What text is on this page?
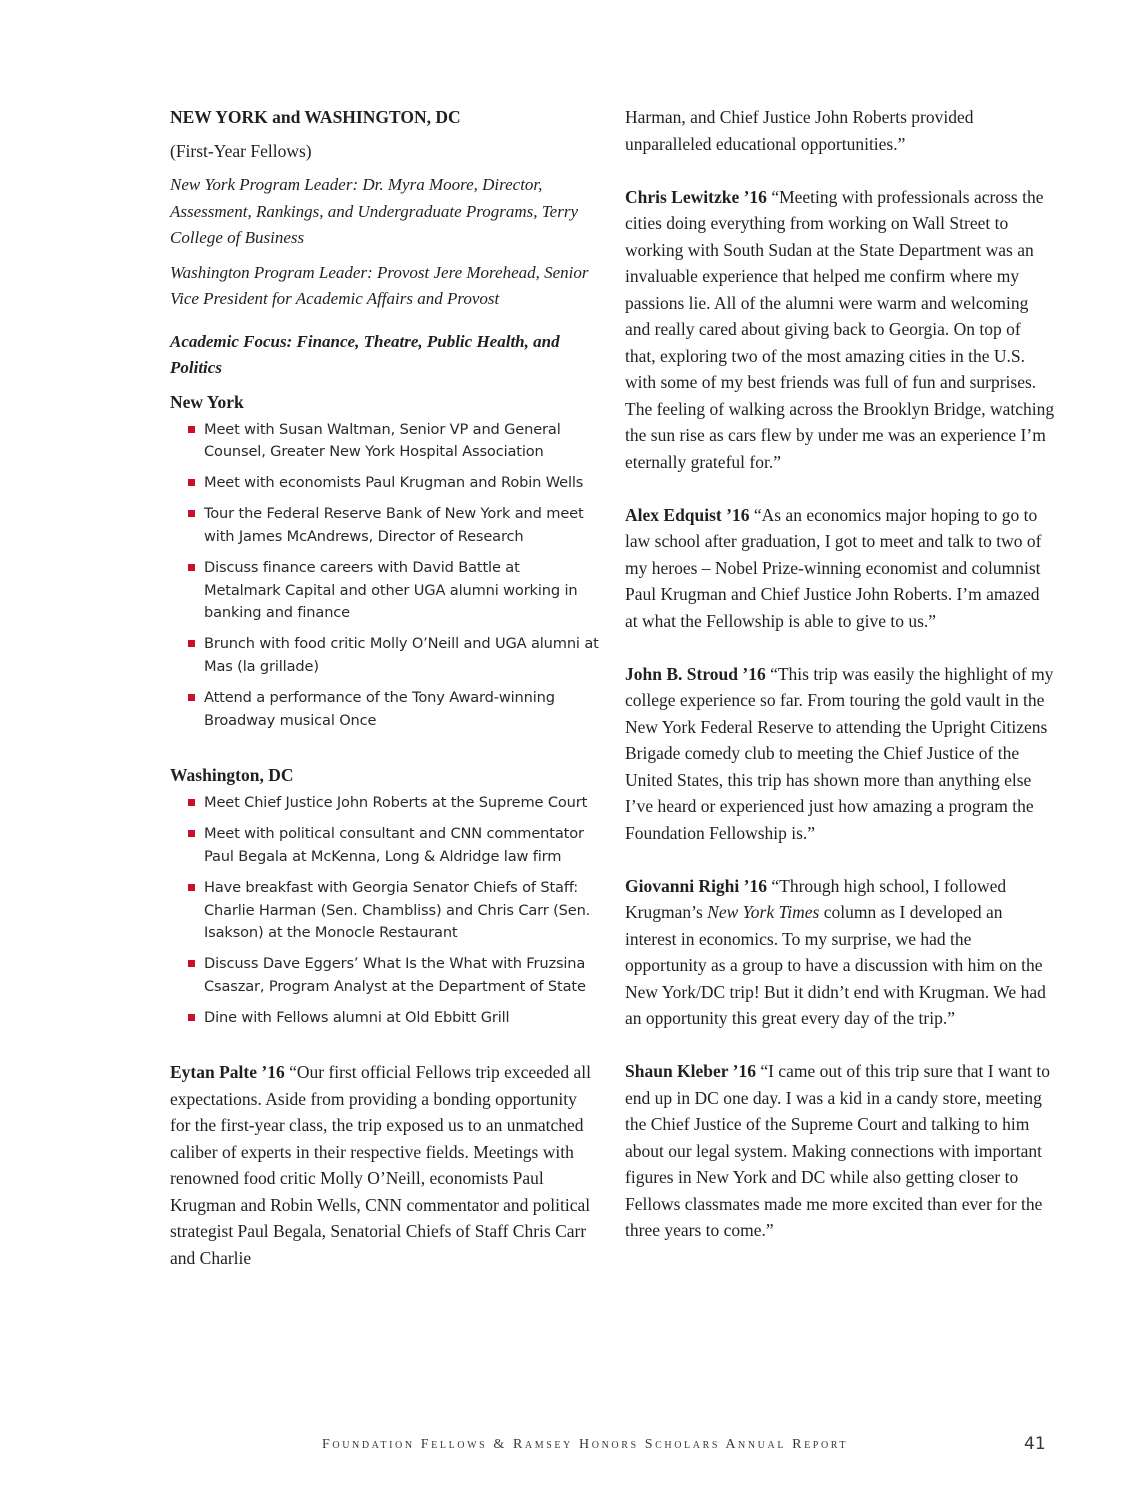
NEW YORK and WASHINGTON, DC

(First-Year Fellows)

New York Program Leader: Dr. Myra Moore, Director, Assessment, Rankings, and Undergraduate Programs, Terry College of Business

Washington Program Leader: Provost Jere Morehead, Senior Vice President for Academic Affairs and Provost

Academic Focus: Finance, Theatre, Public Health, and Politics

New York

Meet with Susan Waltman, Senior VP and General Counsel, Greater New York Hospital Association
Meet with economists Paul Krugman and Robin Wells
Tour the Federal Reserve Bank of New York and meet with James McAndrews, Director of Research
Discuss finance careers with David Battle at Metalmark Capital and other UGA alumni working in banking and finance
Brunch with food critic Molly O’Neill and UGA alumni at Mas (la grillade)
Attend a performance of the Tony Award-winning Broadway musical Once

Washington, DC

Meet Chief Justice John Roberts at the Supreme Court
Meet with political consultant and CNN commentator Paul Begala at McKenna, Long & Aldridge law firm
Have breakfast with Georgia Senator Chiefs of Staff: Charlie Harman (Sen. Chambliss) and Chris Carr (Sen. Isakson) at the Monocle Restaurant
Discuss Dave Eggers’ What Is the What with Fruzsina Csaszar, Program Analyst at the Department of State
Dine with Fellows alumni at Old Ebbitt Grill

Eytan Palte ’16 “Our first official Fellows trip exceeded all expectations. Aside from providing a bonding opportunity for the first-year class, the trip exposed us to an unmatched caliber of experts in their respective fields. Meetings with renowned food critic Molly O’Neill, economists Paul Krugman and Robin Wells, CNN commentator and political strategist Paul Begala, Senatorial Chiefs of Staff Chris Carr and Charlie

Harman, and Chief Justice John Roberts provided unparalleled educational opportunities.”

Chris Lewitzke ’16 “Meeting with professionals across the cities doing everything from working on Wall Street to working with South Sudan at the State Department was an invaluable experience that helped me confirm where my passions lie. All of the alumni were warm and welcoming and really cared about giving back to Georgia. On top of that, exploring two of the most amazing cities in the U.S. with some of my best friends was full of fun and surprises. The feeling of walking across the Brooklyn Bridge, watching the sun rise as cars flew by under me was an experience I’m eternally grateful for.”

Alex Edquist ’16 “As an economics major hoping to go to law school after graduation, I got to meet and talk to two of my heroes – Nobel Prize-winning economist and columnist Paul Krugman and Chief Justice John Roberts. I’m amazed at what the Fellowship is able to give to us.”

John B. Stroud ’16 “This trip was easily the highlight of my college experience so far. From touring the gold vault in the New York Federal Reserve to attending the Upright Citizens Brigade comedy club to meeting the Chief Justice of the United States, this trip has shown more than anything else I’ve heard or experienced just how amazing a program the Foundation Fellowship is.”

Giovanni Righi ’16 “Through high school, I followed Krugman’s New York Times column as I developed an interest in economics. To my surprise, we had the opportunity as a group to have a discussion with him on the New York/DC trip! But it didn’t end with Krugman. We had an opportunity this great every day of the trip.”

Shaun Kleber ’16 “I came out of this trip sure that I want to end up in DC one day. I was a kid in a candy store, meeting the Chief Justice of the Supreme Court and talking to him about our legal system. Making connections with important figures in New York and DC while also getting closer to Fellows classmates made me more excited than ever for the three years to come.”

Foundation Fellows & Ramsey Honors Scholars Annual Report	41
